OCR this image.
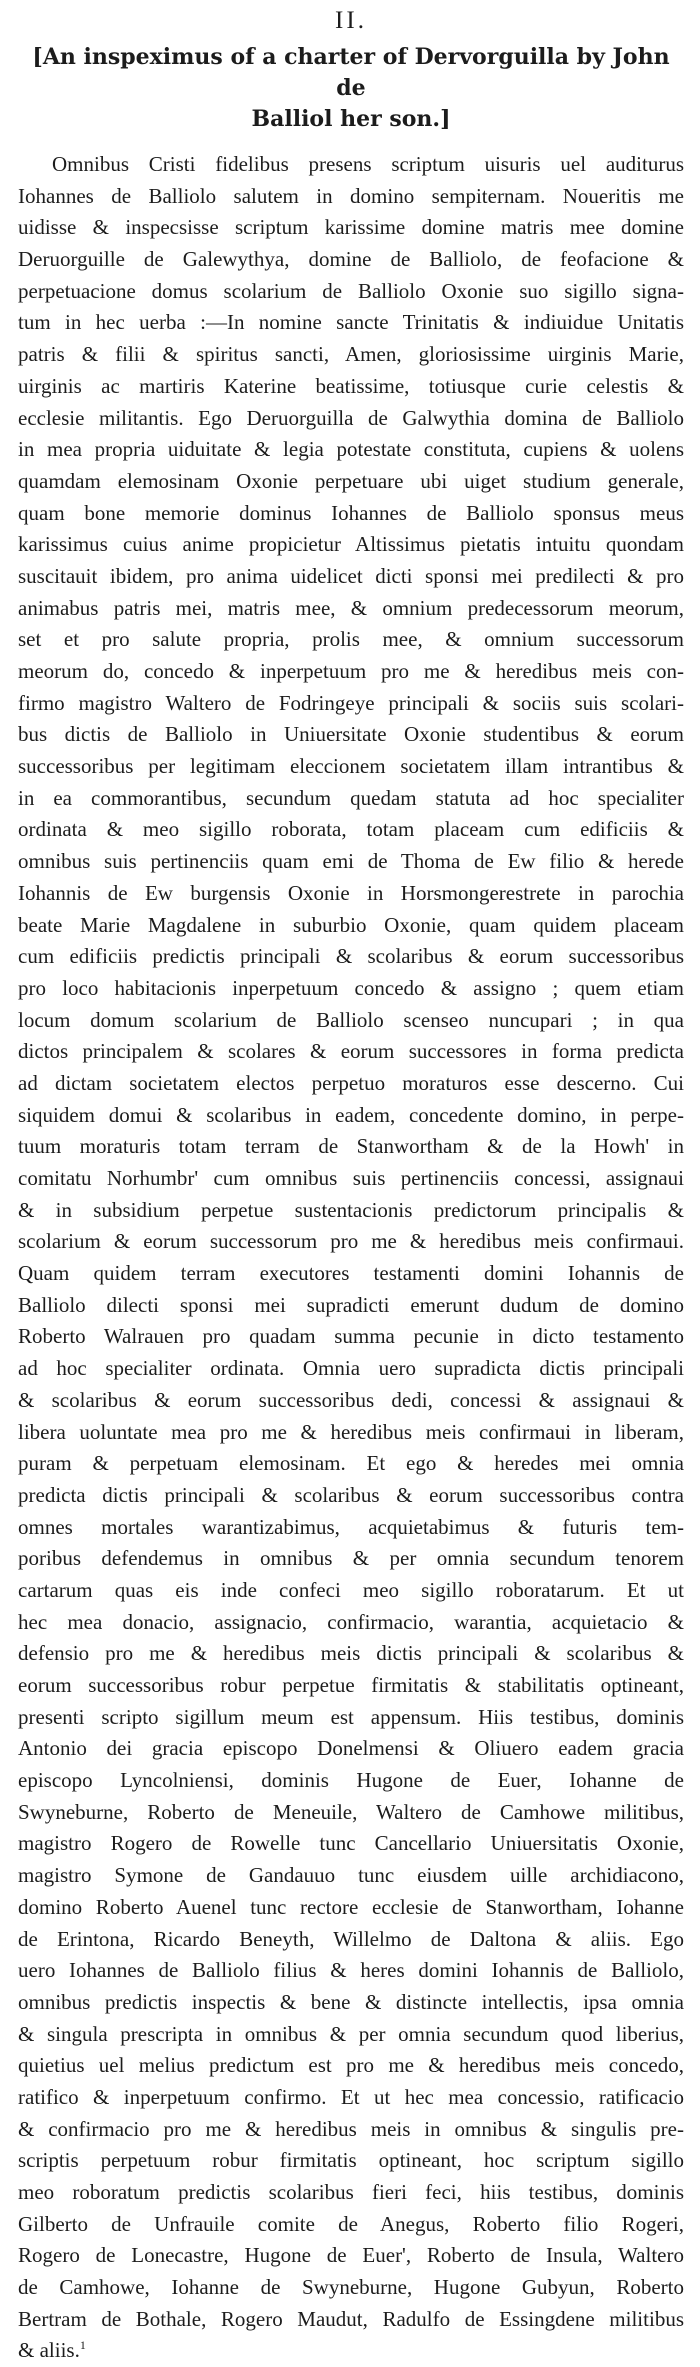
II.
[An inspeximus of a charter of Dervorguilla by John de
Balliol her son.]
Omnibus Cristi fidelibus presens scriptum uisuris uel auditurus
Iohannes de Balliolo salutem in domino sempiternam. Noueritis me
uidisse & inspecsisse scriptum karissime domine matris mee domine
Deruorguille de Galewythya, domine de Balliolo, de feofacione &
perpetuacione domus scolarium de Balliolo Oxonie suo sigillo signa-
tum in hec uerba :—In nomine sancte Trinitatis & indiuidue Unitatis
patris & filii & spiritus sancti, Amen, gloriosissime uirginis Marie,
uirginis ac martiris Katerine beatissime, totiusque curie celestis &
ecclesie militantis. Ego Deruorguilla de Galwythia domina de Balliolo
in mea propria uiduitate & legia potestate constituta, cupiens & uolens
quamdam elemosinam Oxonie perpetuare ubi uiget studium generale,
quam bone memorie dominus Iohannes de Balliolo sponsus meus
karissimus cuius anime propicietur Altissimus pietatis intuitu quondam
suscitauit ibidem, pro anima uidelicet dicti sponsi mei predilecti & pro
animabus patris mei, matris mee, & omnium predecessorum meorum,
set et pro salute propria, prolis mee, & omnium successorum
meorum do, concedo & inperpetuum pro me & heredibus meis con-
firmo magistro Waltero de Fodringeye principali & sociis suis scolari-
bus dictis de Balliolo in Uniuersitate Oxonie studentibus & eorum
successoribus per legitimam eleccionem societatem illam intrantibus &
in ea commorantibus, secundum quedam statuta ad hoc specialiter
ordinata & meo sigillo roborata, totam placeam cum edificiis &
omnibus suis pertinenciis quam emi de Thoma de Ew filio & herede
Iohannis de Ew burgensis Oxonie in Horsmongerestrete in parochia
beate Marie Magdalene in suburbio Oxonie, quam quidem placeam
cum edificiis predictis principali & scolaribus & eorum successoribus
pro loco habitacionis inperpetuum concedo & assigno ; quem etiam
locum domum scolarium de Balliolo scenseo nuncupari ; in qua
dictos principalem & scolares & eorum successores in forma predicta
ad dictam societatem electos perpetuo moraturos esse descerno. Cui
siquidem domui & scolaribus in eadem, concedente domino, in perpe-
tuum moraturis totam terram de Stanwortham & de la Howh' in
comitatu Norhumbr' cum omnibus suis pertinenciis concessi, assignaui
& in subsidium perpetue sustentacionis predictorum principalis &
scolarium & eorum successorum pro me & heredibus meis confirmaui.
Quam quidem terram executores testamenti domini Iohannis de
Balliolo dilecti sponsi mei supradicti emerunt dudum de domino
Roberto Walrauen pro quadam summa pecunie in dicto testamento
ad hoc specialiter ordinata. Omnia uero supradicta dictis principali
& scolaribus & eorum successoribus dedi, concessi & assignaui &
libera uoluntate mea pro me & heredibus meis confirmaui in liberam,
puram & perpetuam elemosinam. Et ego & heredes mei omnia
predicta dictis principali & scolaribus & eorum successoribus contra
omnes mortales warantizabimus, acquietabimus & futuris tem-
poribus defendemus in omnibus & per omnia secundum tenorem
cartarum quas eis inde confeci meo sigillo roboratarum. Et ut
hec mea donacio, assignacio, confirmacio, warantia, acquietacio &
defensio pro me & heredibus meis dictis principali & scolaribus &
eorum successoribus robur perpetue firmitatis & stabilitatis optineant,
presenti scripto sigillum meum est appensum. Hiis testibus, dominis
Antonio dei gracia episcopo Donelmensi & Oliuero eadem gracia
episcopo Lyncolniensi, dominis Hugone de Euer, Iohanne de
Swyneburne, Roberto de Meneuile, Waltero de Camhowe militibus,
magistro Rogero de Rowelle tunc Cancellario Uniuersitatis Oxonie,
magistro Symone de Gandauuo tunc eiusdem uille archidiacono,
domino Roberto Auenel tunc rectore ecclesie de Stanwortham, Iohanne
de Erintona, Ricardo Beneyth, Willelmo de Daltona & aliis. Ego
uero Iohannes de Balliolo filius & heres domini Iohannis de Balliolo,
omnibus predictis inspectis & bene & distincte intellectis, ipsa omnia
& singula prescripta in omnibus & per omnia secundum quod liberius,
quietius uel melius predictum est pro me & heredibus meis concedo,
ratifico & inperpetuum confirmo. Et ut hec mea concessio, ratificacio
& confirmacio pro me & heredibus meis in omnibus & singulis pre-
scriptis perpetuum robur firmitatis optineant, hoc scriptum sigillo
meo roboratum predictis scolaribus fieri feci, hiis testibus, dominis
Gilberto de Unfrauile comite de Anegus, Roberto filio Rogeri,
Rogero de Lonecastre, Hugone de Euer', Roberto de Insula, Waltero
de Camhowe, Iohanne de Swyneburne, Hugone Gubyun, Roberto
Bertram de Bothale, Rogero Maudut, Radulfo de Essingdene militibus
& aliis.$^1$
